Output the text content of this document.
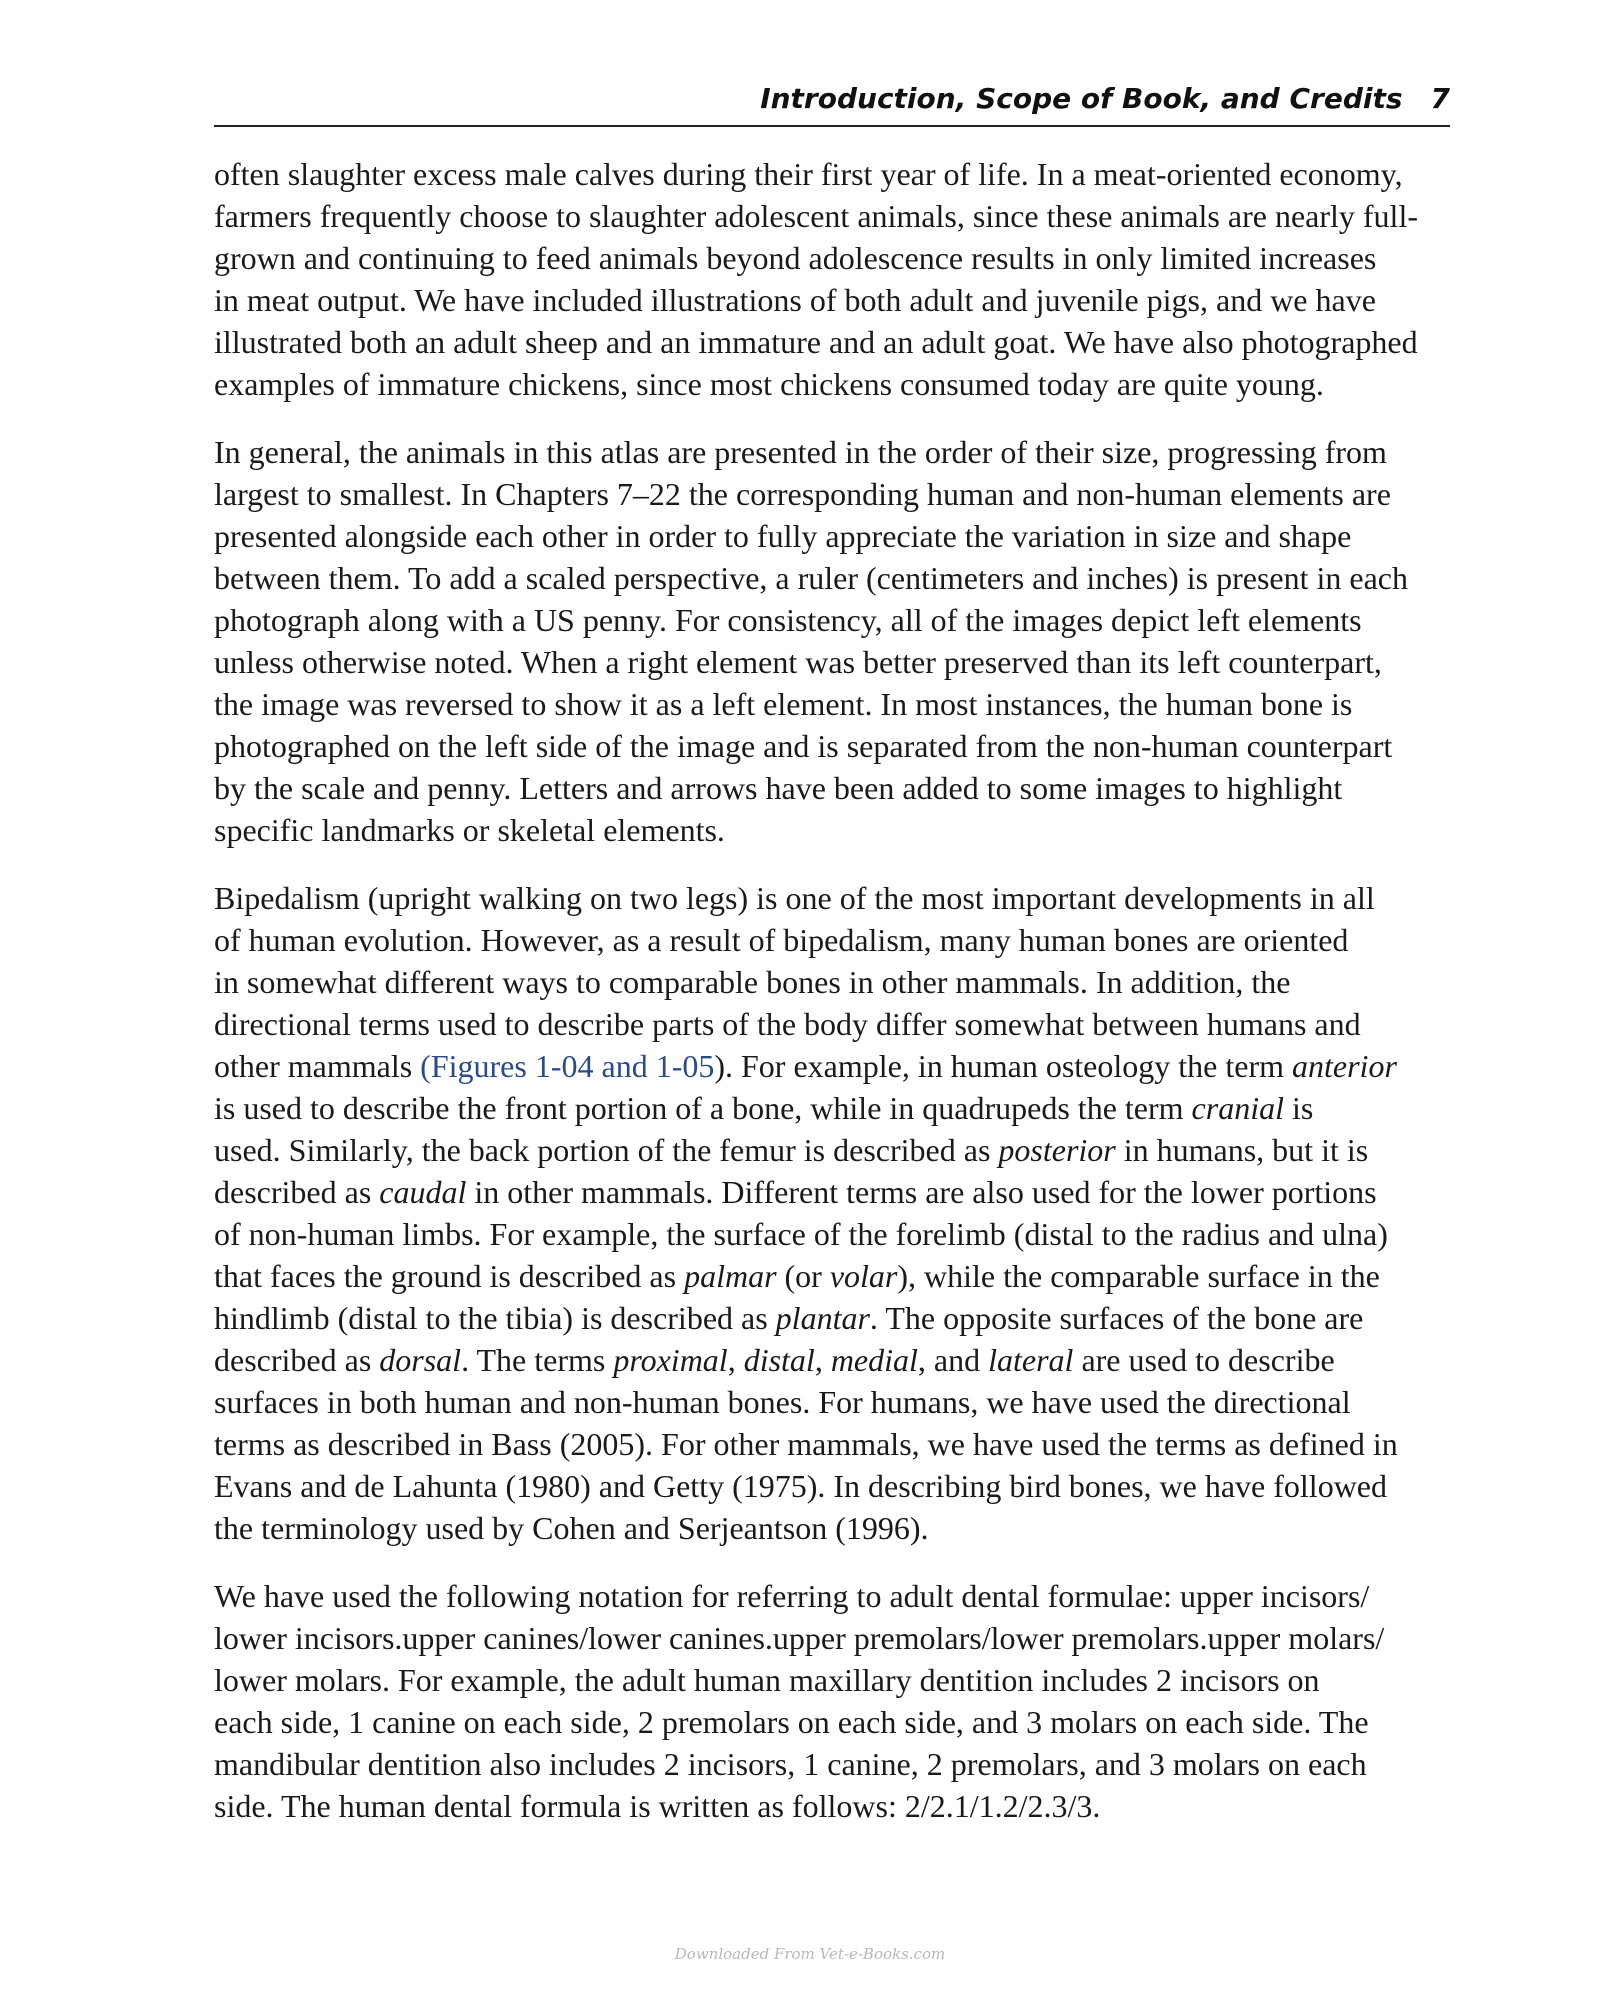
Introduction, Scope of Book, and Credits 7

often slaughter excess male calves during their first year of life. In a meat-oriented economy,
farmers frequently choose to slaughter adolescent animals, since these animals are nearly full-
grown and continuing to feed animals beyond adolescence results in only limited increases
in meat output. We have included illustrations of both adult and juvenile pigs, and we have
illustrated both an adult sheep and an immature and an adult goat. We have also photographed
examples of immature chickens, since most chickens consumed today are quite young.

In general, the animals in this atlas are presented in the order of their size, progressing from
largest to smallest. In Chapters 7–22 the corresponding human and non-human elements are
presented alongside each other in order to fully appreciate the variation in size and shape
between them. To add a scaled perspective, a ruler (centimeters and inches) is present in each
photograph along with a US penny. For consistency, all of the images depict left elements
unless otherwise noted. When a right element was better preserved than its left counterpart,
the image was reversed to show it as a left element. In most instances, the human bone is
photographed on the left side of the image and is separated from the non-human counterpart
by the scale and penny. Letters and arrows have been added to some images to highlight
specific landmarks or skeletal elements.

Bipedalism (upright walking on two legs) is one of the most important developments in all
of human evolution. However, as a result of bipedalism, many human bones are oriented
in somewhat different ways to comparable bones in other mammals. In addition, the
directional terms used to describe parts of the body differ somewhat between humans and
other mammals (Figures 1-04 and 1-05). For example, in human osteology the term anterior
is used to describe the front portion of a bone, while in quadrupeds the term cranial is
used. Similarly, the back portion of the femur is described as posterior in humans, but it is
described as caudal in other mammals. Different terms are also used for the lower portions
of non-human limbs. For example, the surface of the forelimb (distal to the radius and ulna)
that faces the ground is described as palmar (or volar), while the comparable surface in the
hindlimb (distal to the tibia) is described as plantar. The opposite surfaces of the bone are
described as dorsal. The terms proximal, distal, medial, and lateral are used to describe
surfaces in both human and non-human bones. For humans, we have used the directional
terms as described in Bass (2005). For other mammals, we have used the terms as defined in
Evans and de Lahunta (1980) and Getty (1975). In describing bird bones, we have followed
the terminology used by Cohen and Serjeantson (1996).

We have used the following notation for referring to adult dental formulae: upper incisors/
lower incisors.upper canines/lower canines.upper premolars/lower premolars.upper molars/
lower molars. For example, the adult human maxillary dentition includes 2 incisors on
each side, 1 canine on each side, 2 premolars on each side, and 3 molars on each side. The
mandibular dentition also includes 2 incisors, 1 canine, 2 premolars, and 3 molars on each
side. The human dental formula is written as follows: 2/2.1/1.2/2.3/3.

Downloaded From Vet-e-Books.com
